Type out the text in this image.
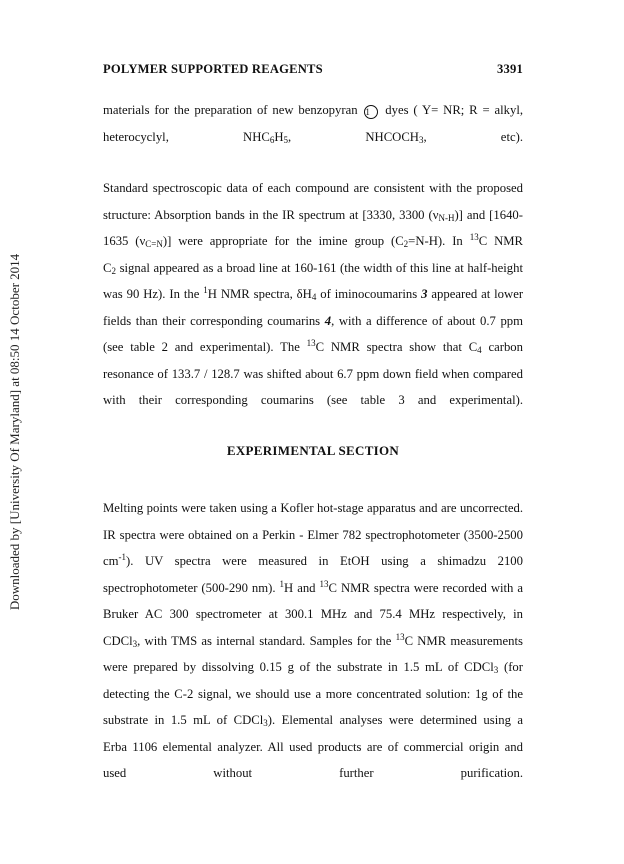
Downloaded by [University Of Maryland] at 08:50 14 October 2014
POLYMER SUPPORTED REAGENTS	3391
materials for the preparation of new benzopyran 1 dyes ( Y= NR; R = alkyl,
heterocyclyl, $NHC_6H_5$, $NHCOCH_3$, etc).
Standard spectroscopic data of each compound are consistent with the proposed
structure: Absorption bands in the IR spectrum at [3330, 3300 $(\nu_{N-H})$] and [1640-
1635 $(\nu_{C=N})$] were appropriate for the imine group $(C_2=N-H)$. In $^{13}$C NMR
$C_2$ signal appeared as a broad line at 160-161 (the width of this line at half-height
was 90 Hz). In the $^1$H NMR spectra, $\delta H_4$ of iminocoumarins 3 appeared at lower
fields than their corresponding coumarins 4, with a difference of about 0.7 ppm
(see table 2 and experimental). The $^{13}$C NMR spectra show that $C_4$ carbon
resonance of 133.7 / 128.7 was shifted about 6.7 ppm down field when compared
with their corresponding coumarins (see table 3 and experimental).
EXPERIMENTAL SECTION
Melting points were taken using a Kofler hot-stage apparatus and are uncorrected.
IR spectra were obtained on a Perkin - Elmer 782 spectrophotometer (3500-2500
$cm^{-1}$). UV spectra were measured in EtOH using a shimadzu 2100
spectrophotometer (500-290 nm). $^1$H and $^{13}$C NMR spectra were recorded with a
Bruker AC 300 spectrometer at 300.1 MHz and 75.4 MHz respectively, in
CDCl$_3$, with TMS as internal standard. Samples for the $^{13}$C NMR measurements
were prepared by dissolving 0.15 g of the substrate in 1.5 mL of CDCl$_3$ (for
detecting the C-2 signal, we should use a more concentrated solution: 1g of the
substrate in 1.5 mL of CDCl$_3$). Elemental analyses were determined using a
Erba 1106 elemental analyzer. All used products are of commercial origin and
used without further purification.
